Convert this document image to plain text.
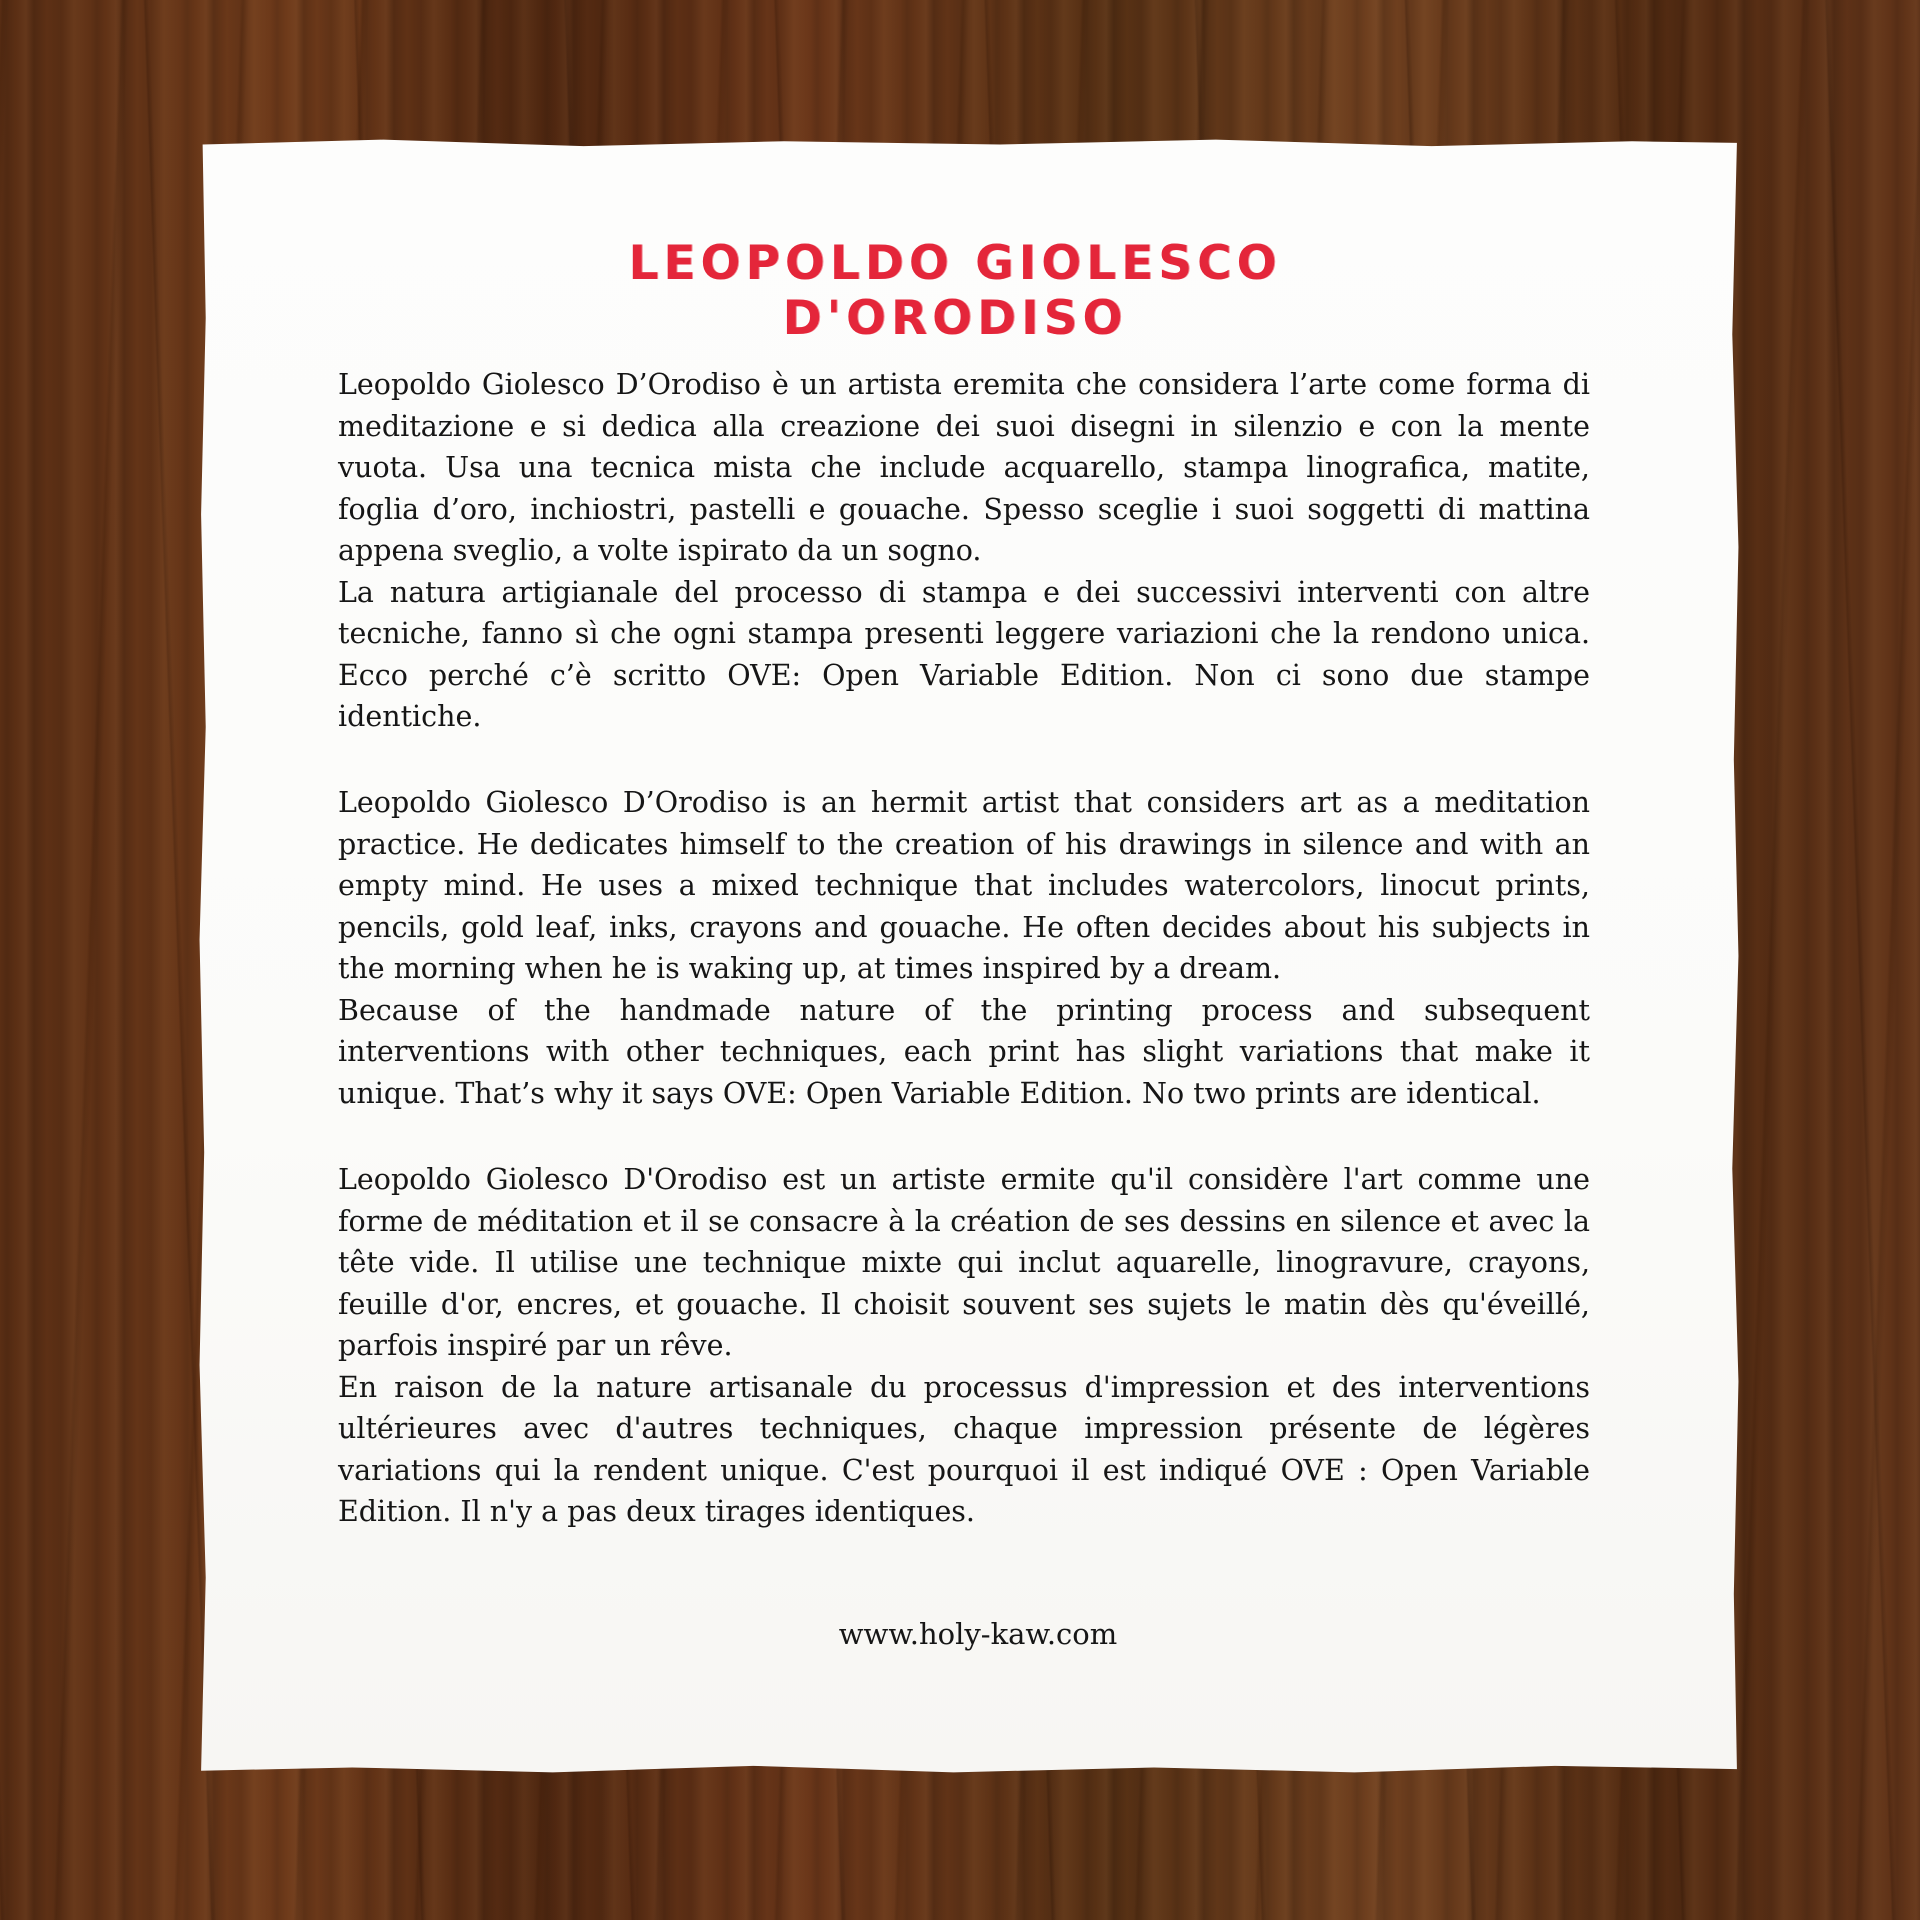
LEOPOLDO GIOLESCO D'ORODISO

Leopoldo Giolesco D’Orodiso è un artista eremita che considera l’arte come forma di meditazione e si dedica alla creazione dei suoi disegni in silenzio e con la mente vuota. Usa una tecnica mista che include acquarello, stampa linografica, matite, foglia d’oro, inchiostri, pastelli e gouache. Spesso sceglie i suoi soggetti di mattina appena sveglio, a volte ispirato da un sogno.

La natura artigianale del processo di stampa e dei successivi interventi con altre tecniche, fanno sì che ogni stampa presenti leggere variazioni che la rendono unica. Ecco perché c’è scritto OVE: Open Variable Edition. Non ci sono due stampe identiche.

Leopoldo Giolesco D’Orodiso is an hermit artist that considers art as a meditation practice. He dedicates himself to the creation of his drawings in silence and with an empty mind. He uses a mixed technique that includes watercolors, linocut prints, pencils, gold leaf, inks, crayons and gouache. He often decides about his subjects in the morning when he is waking up, at times inspired by a dream.

Because of the handmade nature of the printing process and subsequent interventions with other techniques, each print has slight variations that make it unique. That’s why it says OVE: Open Variable Edition. No two prints are identical.

Leopoldo Giolesco D'Orodiso est un artiste ermite qu'il considère l'art comme une forme de méditation et il se consacre à la création de ses dessins en silence et avec la tête vide. Il utilise une technique mixte qui inclut aquarelle, linogravure, crayons, feuille d'or, encres, et gouache. Il choisit souvent ses sujets le matin dès qu'éveillé, parfois inspiré par un rêve.

En raison de la nature artisanale du processus d'impression et des interventions ultérieures avec d'autres techniques, chaque impression présente de légères variations qui la rendent unique. C'est pourquoi il est indiqué OVE : Open Variable Edition. Il n'y a pas deux tirages identiques.

www.holy-kaw.com
